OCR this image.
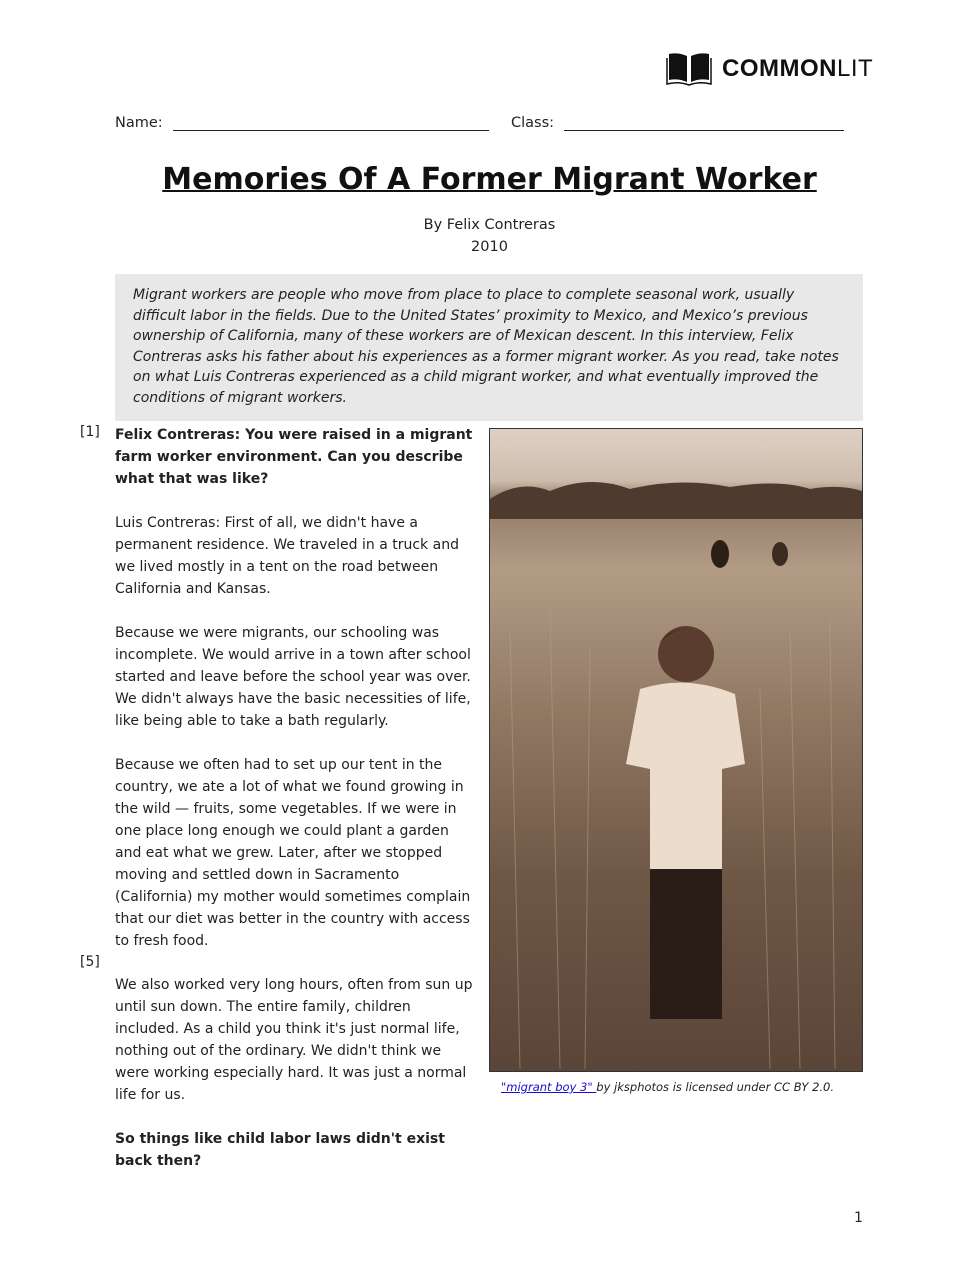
COMMONLIT
Name:	Class:
Memories Of A Former Migrant Worker
By Felix Contreras
2010
Migrant workers are people who move from place to place to complete seasonal work, usually difficult labor in the fields. Due to the United States’ proximity to Mexico, and Mexico’s previous ownership of California, many of these workers are of Mexican descent. In this interview, Felix Contreras asks his father about his experiences as a former migrant worker. As you read, take notes on what Luis Contreras experienced as a child migrant worker, and what eventually improved the conditions of migrant workers.
[1]
[5]

Felix Contreras: You were raised in a migrant farm worker environment. Can you describe what that was like?

Luis Contreras: First of all, we didn't have a permanent residence. We traveled in a truck and we lived mostly in a tent on the road between California and Kansas.

Because we were migrants, our schooling was incomplete. We would arrive in a town after school started and leave before the school year was over. We didn't always have the basic necessities of life, like being able to take a bath regularly.

Because we often had to set up our tent in the country, we ate a lot of what we found growing in the wild — fruits, some vegetables. If we were in one place long enough we could plant a garden and eat what we grew. Later, after we stopped moving and settled down in Sacramento (California) my mother would sometimes complain that our diet was better in the country with access to fresh food.

We also worked very long hours, often from sun up until sun down. The entire family, children included. As a child you think it's just normal life, nothing out of the ordinary. We didn't think we were working especially hard. It was just a normal life for us.

So things like child labor laws didn't exist back then?

"migrant boy 3" by jksphotos is licensed under CC BY 2.0.
1
